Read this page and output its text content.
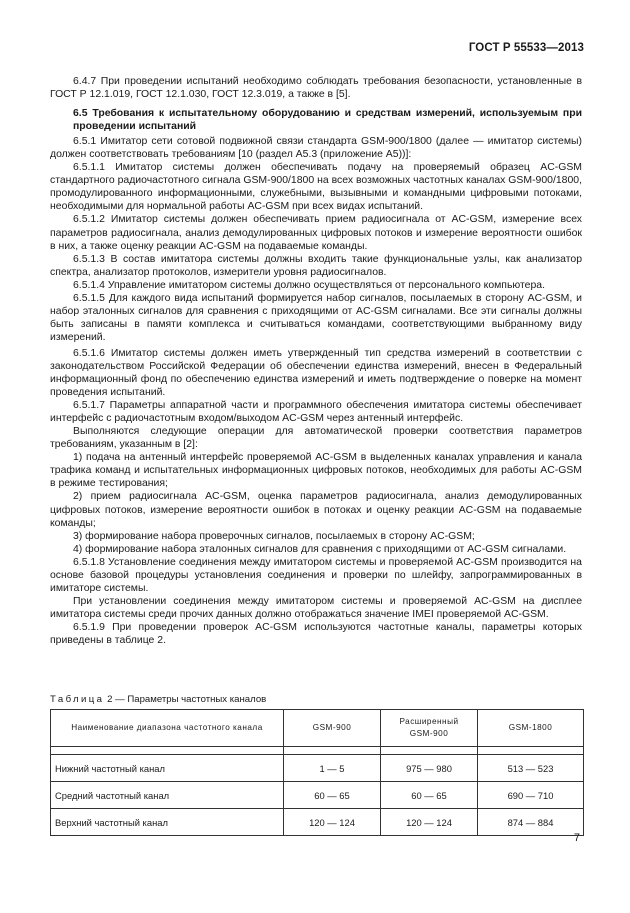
ГОСТ Р 55533—2013

6.4.7 При проведении испытаний необходимо соблюдать требования безопасности, установленные в ГОСТ Р 12.1.019, ГОСТ 12.1.030, ГОСТ 12.3.019, а также в [5].

6.5 Требования к испытательному оборудованию и средствам измерений, используемым при проведении испытаний

6.5.1 Имитатор сети сотовой подвижной связи стандарта GSM-900/1800 (далее — имитатор системы) должен соответствовать требованиям [10 (раздел А5.3 (приложение А5))]:

6.5.1.1 Имитатор системы должен обеспечивать подачу на проверяемый образец AC-GSM стандартного радиочастотного сигнала GSM-900/1800 на всех возможных частотных каналах GSM-900/1800, промодулированного информационными, служебными, вызывными и командными цифровыми потоками, необходимыми для нормальной работы AC-GSM при всех видах испытаний.

6.5.1.2 Имитатор системы должен обеспечивать прием радиосигнала от AC-GSM, измерение всех параметров радиосигнала, анализ демодулированных цифровых потоков и измерение вероятности ошибок в них, а также оценку реакции AC-GSM на подаваемые команды.

6.5.1.3 В состав имитатора системы должны входить такие функциональные узлы, как анализатор спектра, анализатор протоколов, измерители уровня радиосигналов.

6.5.1.4 Управление имитатором системы должно осуществляться от персонального компьютера.

6.5.1.5 Для каждого вида испытаний формируется набор сигналов, посылаемых в сторону AC-GSM, и набор эталонных сигналов для сравнения с приходящими от AC-GSM сигналами. Все эти сигналы должны быть записаны в памяти комплекса и считываться командами, соответствующими выбранному виду измерений.

6.5.1.6 Имитатор системы должен иметь утвержденный тип средства измерений в соответствии с законодательством Российской Федерации об обеспечении единства измерений, внесен в Федеральный информационный фонд по обеспечению единства измерений и иметь подтверждение о поверке на момент проведения испытаний.

6.5.1.7 Параметры аппаратной части и программного обеспечения имитатора системы обеспечивает интерфейс с радиочастотным входом/выходом AC-GSM через антенный интерфейс.

Выполняются следующие операции для автоматической проверки соответствия параметров требованиям, указанным в [2]:

1) подача на антенный интерфейс проверяемой AC-GSM в выделенных каналах управления и канала трафика команд и испытательных информационных цифровых потоков, необходимых для работы AC-GSM в режиме тестирования;

2) прием радиосигнала AC-GSM, оценка параметров радиосигнала, анализ демодулированных цифровых потоков, измерение вероятности ошибок в потоках и оценку реакции AC-GSM на подаваемые команды;

3) формирование набора проверочных сигналов, посылаемых в сторону AC-GSM;

4) формирование набора эталонных сигналов для сравнения с приходящими от AC-GSM сигналами.

6.5.1.8 Установление соединения между имитатором системы и проверяемой AC-GSM производится на основе базовой процедуры установления соединения и проверки по шлейфу, запрограммированных в имитаторе системы.

При установлении соединения между имитатором системы и проверяемой AC-GSM на дисплее имитатора системы среди прочих данных должно отображаться значение IMEI проверяемой AC-GSM.

6.5.1.9 При проведении проверок AC-GSM используются частотные каналы, параметры которых приведены в таблице 2.

Таблица 2 — Параметры частотных каналов
Наименование диапазона частотного канала	GSM-900	Расширенный GSM-900	GSM-1800

Нижний частотный канал	1 — 5	975 — 980	513 — 523
Средний частотный канал	60 — 65	60 — 65	690 — 710
Верхний частотный канал	120 — 124	120 — 124	874 — 884
7
